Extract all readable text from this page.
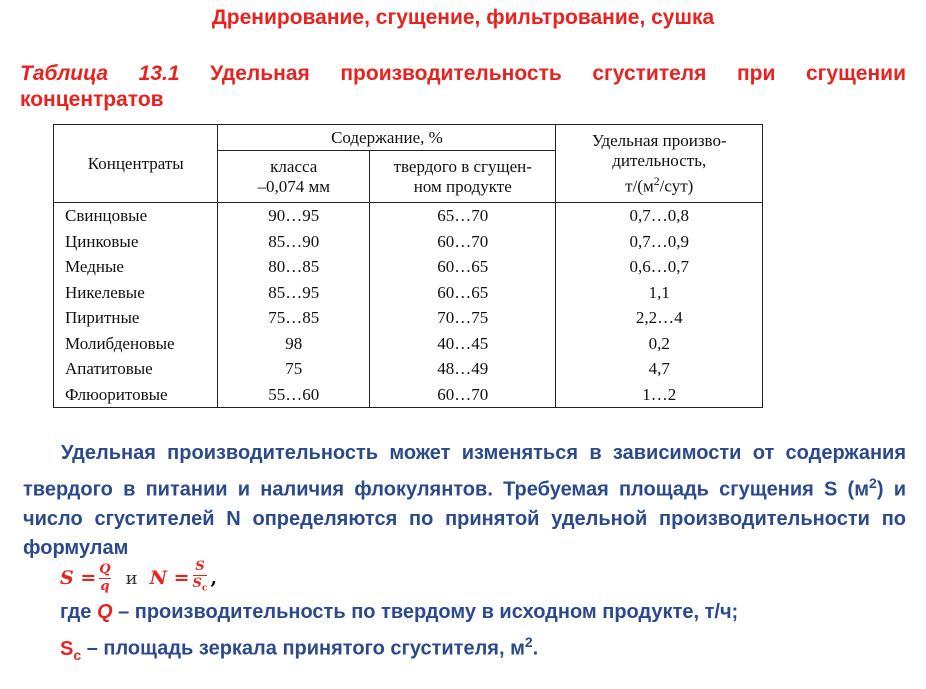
Дренирование, сгущение, фильтрование, сушка
Таблица 13.1 Удельная производительность сгустителя при сгущении концентратов
Концентраты	Содержание, %		Удельная произво-
дительность,
$т/(м^2/сут)$
	класса
–0,074 мм	твердого в сгущен-
ном продукте	
Свинцовые	90…95	65…70	0,7…0,8
Цинковые	85…90	60…70	0,7…0,9
Медные	80…85	60…65	0,6…0,7
Никелевые	85…95	60…65	1,1
Пиритные	75…85	70…75	2,2…4
Молибденовые	98	40…45	0,2
Апатитовые	75	48…49	4,7
Флюоритовые	55…60	60…70	1…2
Удельная производительность может изменяться в зависимости от содержания твердого в питании и наличия флокулянтов. Требуемая площадь сгущения S $(м^2)$ и число сгустителей N определяются по принятой удельной производительности по формулам
$S = \frac{Q}{q}$ и $N = \frac{S}{S_с}$ ,
где Q – производительность по твердому в исходном продукте, т/ч;
$S_с$ – площадь зеркала принятого сгустителя, $м^2$.
